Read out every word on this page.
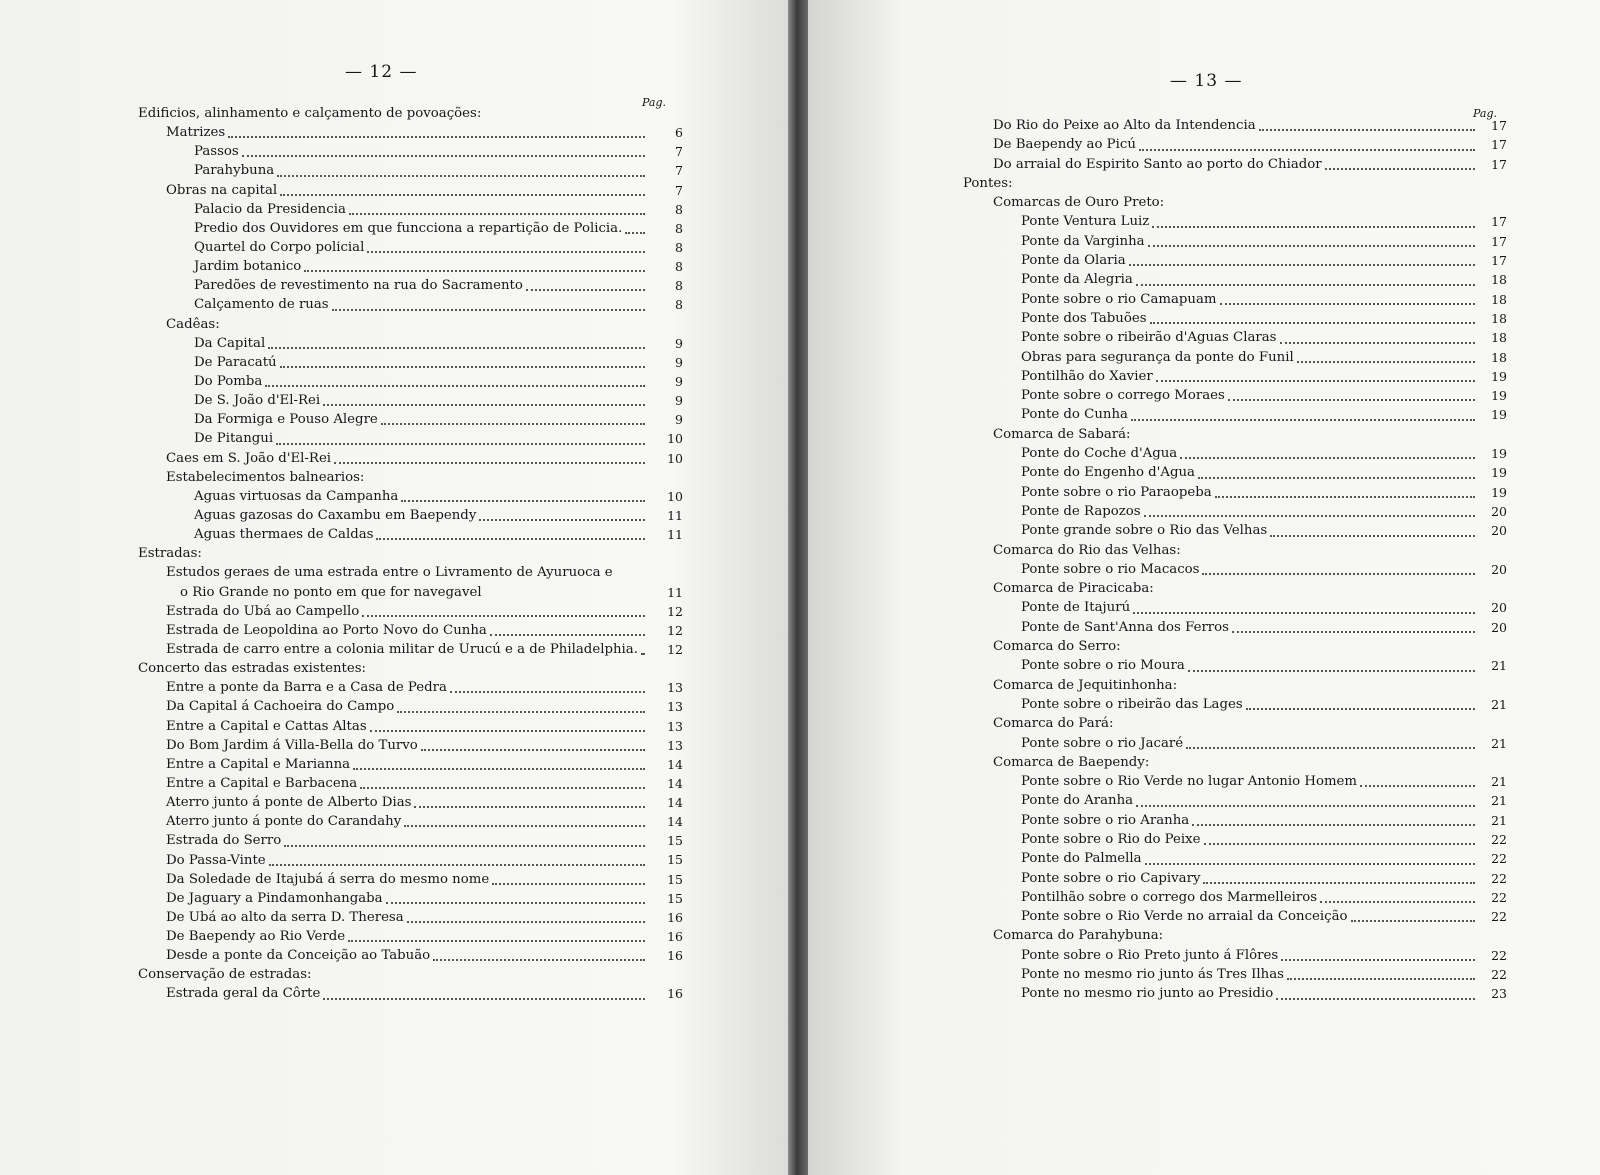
— 12 —
Pag.
Edificios, alinhamento e calçamento de povoações:
Matrizes	6
Passos	7
Parahybuna	7
Obras na capital	7
Palacio da Presidencia	8
Predio dos Ouvidores em que funcciona a repartição de Policia.	8
Quartel do Corpo policial	8
Jardim botanico	8
Paredões de revestimento na rua do Sacramento	8
Calçamento de ruas	8
Cadêas:
Da Capital	9
De Paracatú	9
Do Pomba	9
De S. João d'El-Rei	9
Da Formiga e Pouso Alegre	9
De Pitangui	10
Caes em S. João d'El-Rei	10
Estabelecimentos balnearios:
Aguas virtuosas da Campanha	10
Aguas gazosas do Caxambu em Baependy	11
Aguas thermaes de Caldas	11
Estradas:
Estudos geraes de uma estrada entre o Livramento de Ayuruoca e
o Rio Grande no ponto em que for navegavel	11
Estrada do Ubá ao Campello	12
Estrada de Leopoldina ao Porto Novo do Cunha	12
Estrada de carro entre a colonia militar de Urucú e a de Philadelphia.	12
Concerto das estradas existentes:
Entre a ponte da Barra e a Casa de Pedra	13
Da Capital á Cachoeira do Campo	13
Entre a Capital e Cattas Altas	13
Do Bom Jardim á Villa-Bella do Turvo	13
Entre a Capital e Marianna	14
Entre a Capital e Barbacena	14
Aterro junto á ponte de Alberto Dias	14
Aterro junto á ponte do Carandahy	14
Estrada do Serro	15
Do Passa-Vinte	15
Da Soledade de Itajubá á serra do mesmo nome	15
De Jaguary a Pindamonhangaba	15
De Ubá ao alto da serra D. Theresa	16
De Baependy ao Rio Verde	16
Desde a ponte da Conceição ao Tabuão	16
Conservação de estradas:
Estrada geral da Côrte	16
— 13 —
Pag.
Do Rio do Peixe ao Alto da Intendencia	17
De Baependy ao Picú	17
Do arraial do Espirito Santo ao porto do Chiador	17
Pontes:
Comarcas de Ouro Preto:
Ponte Ventura Luiz	17
Ponte da Varginha	17
Ponte da Olaria	17
Ponte da Alegria	18
Ponte sobre o rio Camapuam	18
Ponte dos Tabuões	18
Ponte sobre o ribeirão d'Aguas Claras	18
Obras para segurança da ponte do Funil	18
Pontilhão do Xavier	19
Ponte sobre o corrego Moraes	19
Ponte do Cunha	19
Comarca de Sabará:
Ponte do Coche d'Agua	19
Ponte do Engenho d'Agua	19
Ponte sobre o rio Paraopeba	19
Ponte de Rapozos	20
Ponte grande sobre o Rio das Velhas	20
Comarca do Rio das Velhas:
Ponte sobre o rio Macacos	20
Comarca de Piracicaba:
Ponte de Itajurú	20
Ponte de Sant'Anna dos Ferros	20
Comarca do Serro:
Ponte sobre o rio Moura	21
Comarca de Jequitinhonha:
Ponte sobre o ribeirão das Lages	21
Comarca do Pará:
Ponte sobre o rio Jacaré	21
Comarca de Baependy:
Ponte sobre o Rio Verde no lugar Antonio Homem	21
Ponte do Aranha	21
Ponte sobre o rio Aranha	21
Ponte sobre o Rio do Peixe	22
Ponte do Palmella	22
Ponte sobre o rio Capivary	22
Pontilhão sobre o corrego dos Marmelleiros	22
Ponte sobre o Rio Verde no arraial da Conceição	22
Comarca do Parahybuna:
Ponte sobre o Rio Preto junto á Flôres	22
Ponte no mesmo rio junto ás Tres Ilhas	22
Ponte no mesmo rio junto ao Presidio	23
